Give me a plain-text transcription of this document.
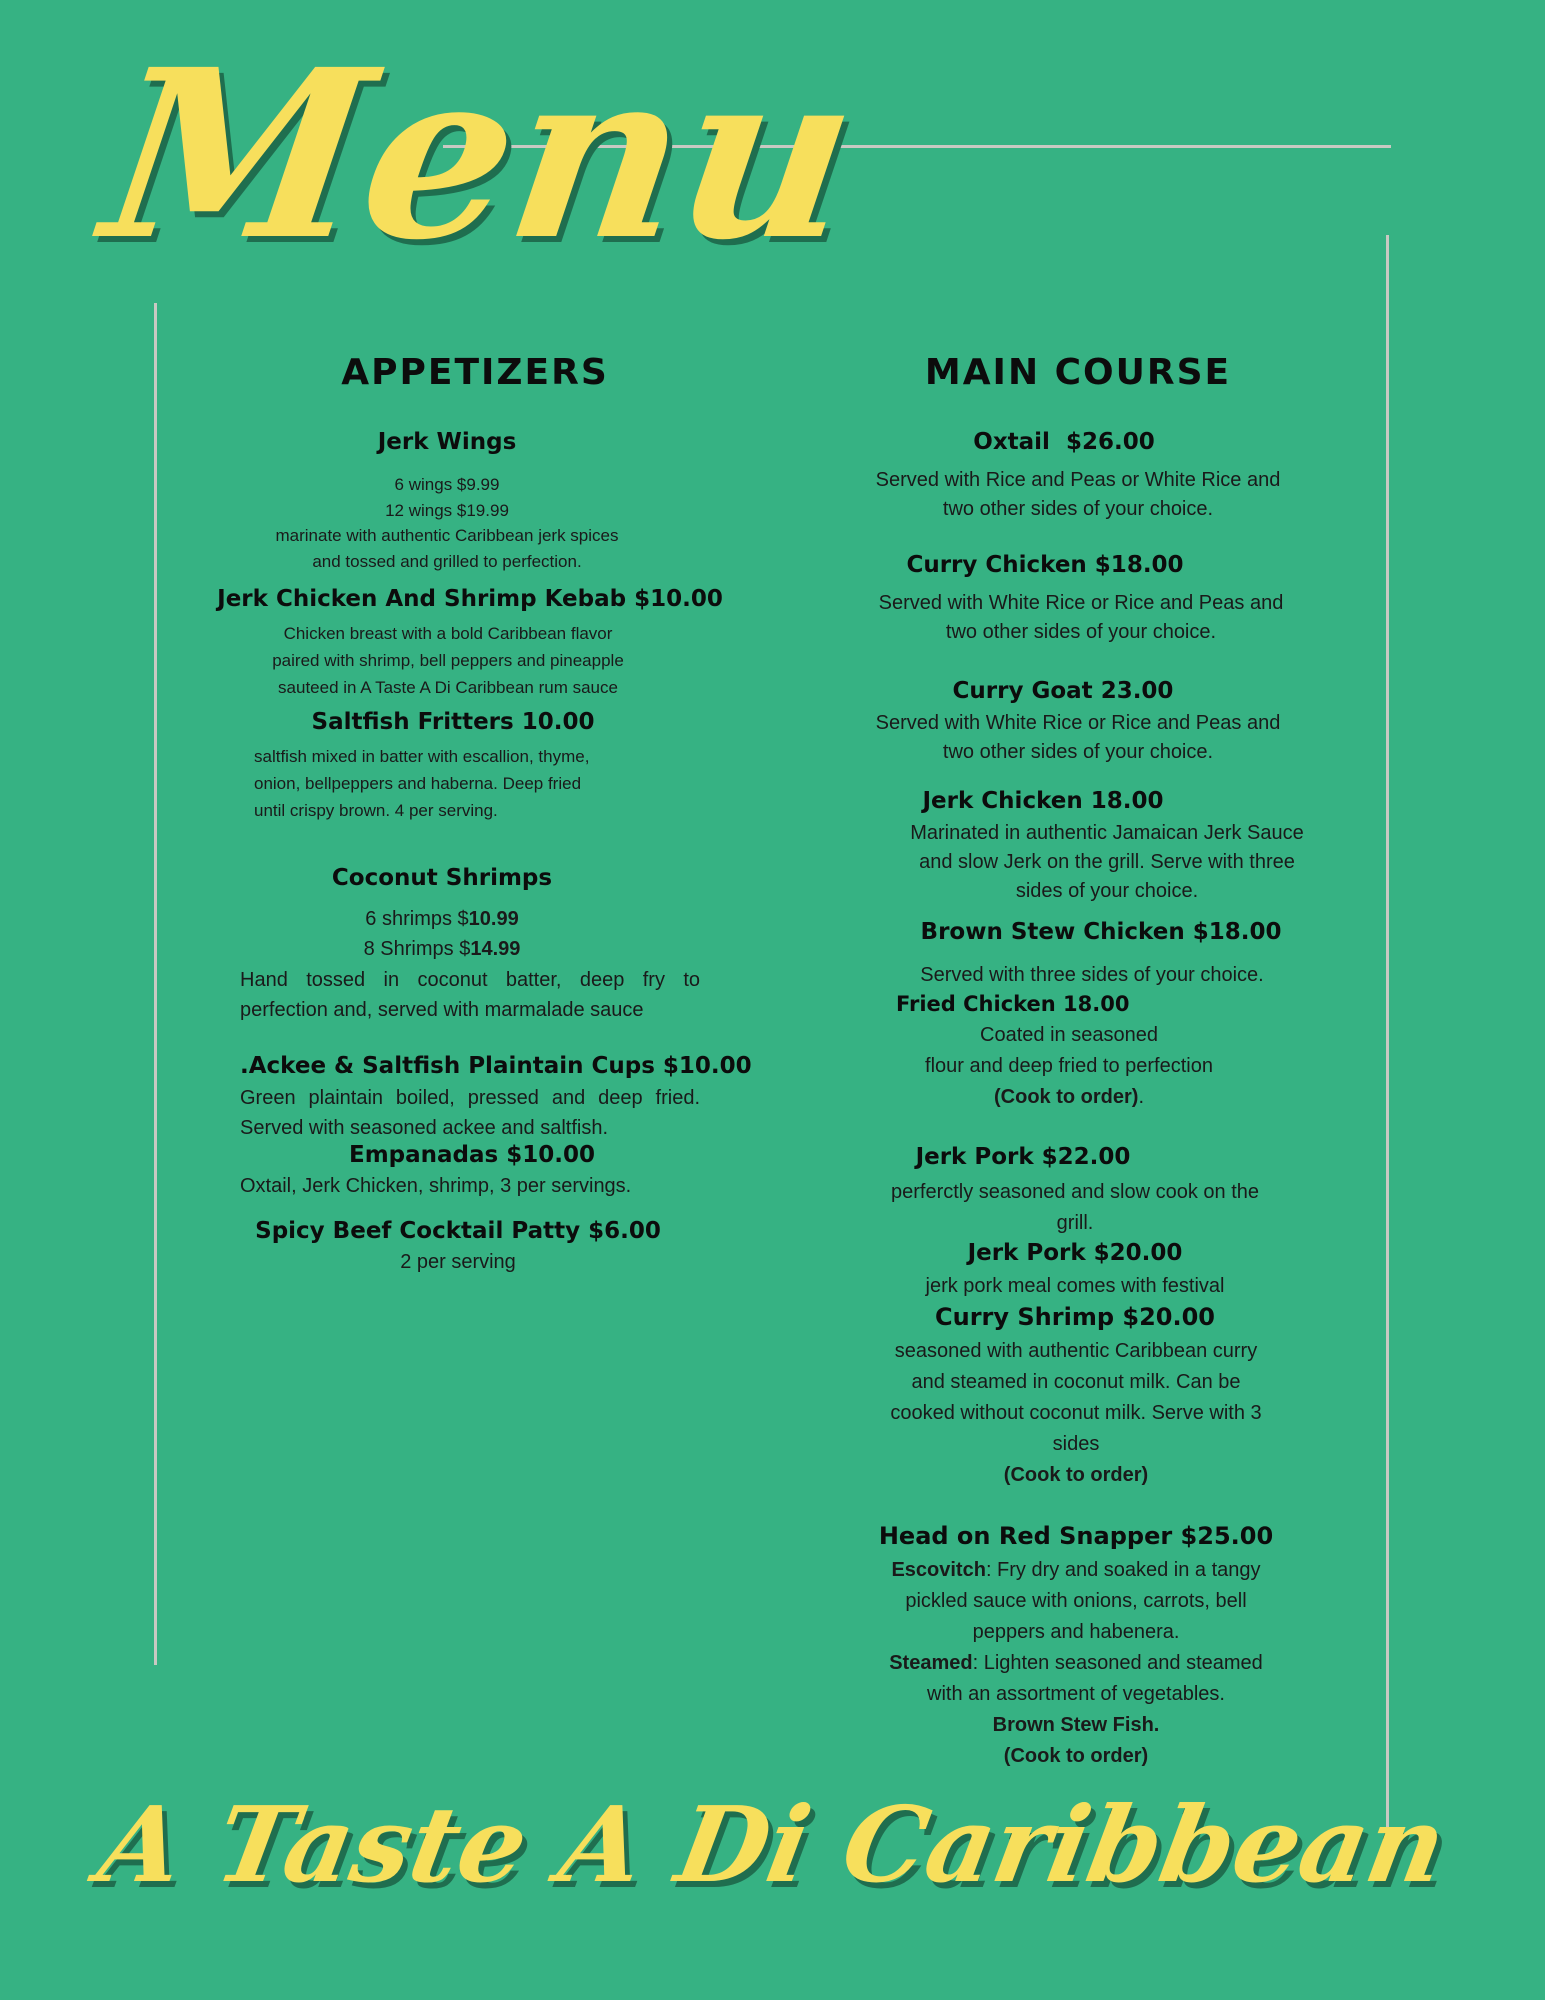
Menu
APPETIZERS
Jerk Wings
6 wings $9.99
12 wings $19.99
marinate with authentic Caribbean jerk spices
and tossed and grilled to perfection.
Jerk Chicken And Shrimp Kebab $10.00
Chicken breast with a bold Caribbean flavor
paired with shrimp, bell peppers and pineapple
sauteed in A Taste A Di Caribbean rum sauce
Saltfish Fritters 10.00
saltfish mixed in batter with escallion, thyme,
onion, bellpeppers and haberna. Deep fried
until crispy brown. 4 per serving.
Coconut Shrimps
6 shrimps $10.99
8 Shrimps $14.99
Hand tossed in coconut batter, deep fry to perfection and, served with marmalade sauce
.Ackee & Saltfish Plaintain Cups $10.00
Green plaintain boiled, pressed and deep fried. Served with seasoned ackee and saltfish.
Empanadas $10.00
Oxtail, Jerk Chicken, shrimp, 3 per servings.
Spicy Beef Cocktail Patty $6.00
2 per serving
MAIN COURSE
Oxtail  $26.00
Served with Rice and Peas or White Rice and
two other sides of your choice.
Curry Chicken $18.00
Served with White Rice or Rice and Peas and
two other sides of your choice.
Curry Goat 23.00
Served with White Rice or Rice and Peas and
two other sides of your choice.
Jerk Chicken 18.00
Marinated in authentic Jamaican Jerk Sauce
and slow Jerk on the grill. Serve with three
sides of your choice.
Brown Stew Chicken $18.00
Served with three sides of your choice.
Fried Chicken 18.00
Coated in seasoned
flour and deep fried to perfection
(Cook to order).
Jerk Pork $22.00
perferctly seasoned and slow cook on the
grill.
Jerk Pork $20.00
jerk pork meal comes with festival
Curry Shrimp $20.00
seasoned with authentic Caribbean curry
and steamed in coconut milk. Can be
cooked without coconut milk. Serve with 3
sides
(Cook to order)
Head on Red Snapper $25.00
Escovitch: Fry dry and soaked in a tangy
pickled sauce with onions, carrots, bell
peppers and habenera.
Steamed: Lighten seasoned and steamed
with an assortment of vegetables.
Brown Stew Fish.
(Cook to order)
A Taste A Di Caribbean
